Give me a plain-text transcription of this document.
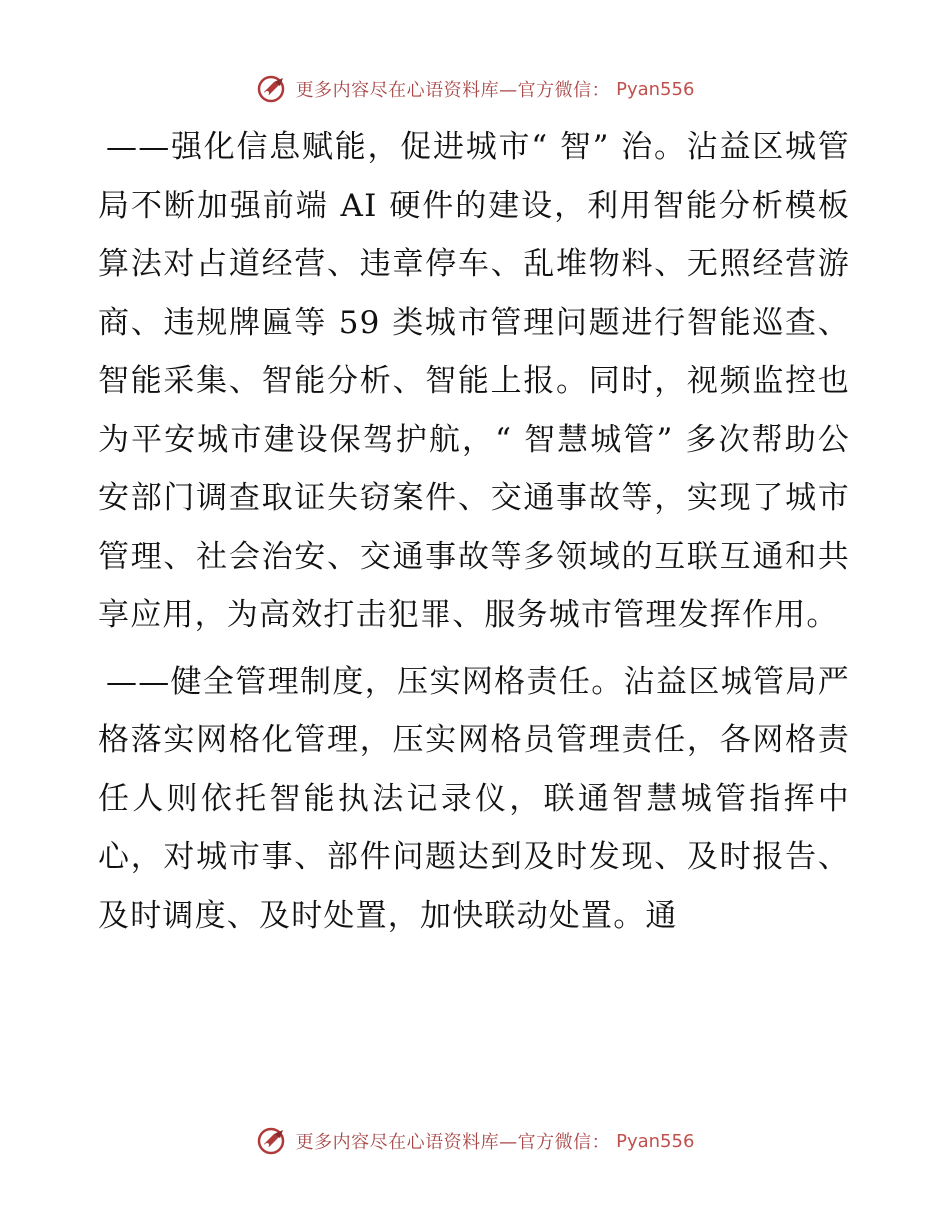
更多内容尽在心语资料库—官方微信： Pyan556

——强化信息赋能，促进城市“ 智” 治。沾益区城管局不断加强前端 AI 硬件的建设，利用智能分析模板算法对占道经营、违章停车、乱堆物料、无照经营游商、违规牌匾等 59 类城市管理问题进行智能巡查、智能采集、智能分析、智能上报。同时，视频监控也为平安城市建设保驾护航，“ 智慧城管” 多次帮助公安部门调查取证失窃案件、交通事故等，实现了城市管理、社会治安、交通事故等多领域的互联互通和共享应用，为高效打击犯罪、服务城市管理发挥作用。

——健全管理制度，压实网格责任。沾益区城管局严格落实网格化管理，压实网格员管理责任，各网格责任人则依托智能执法记录仪，联通智慧城管指挥中心，对城市事、部件问题达到及时发现、及时报告、及时调度、及时处置，加快联动处置。通

更多内容尽在心语资料库—官方微信： Pyan556
